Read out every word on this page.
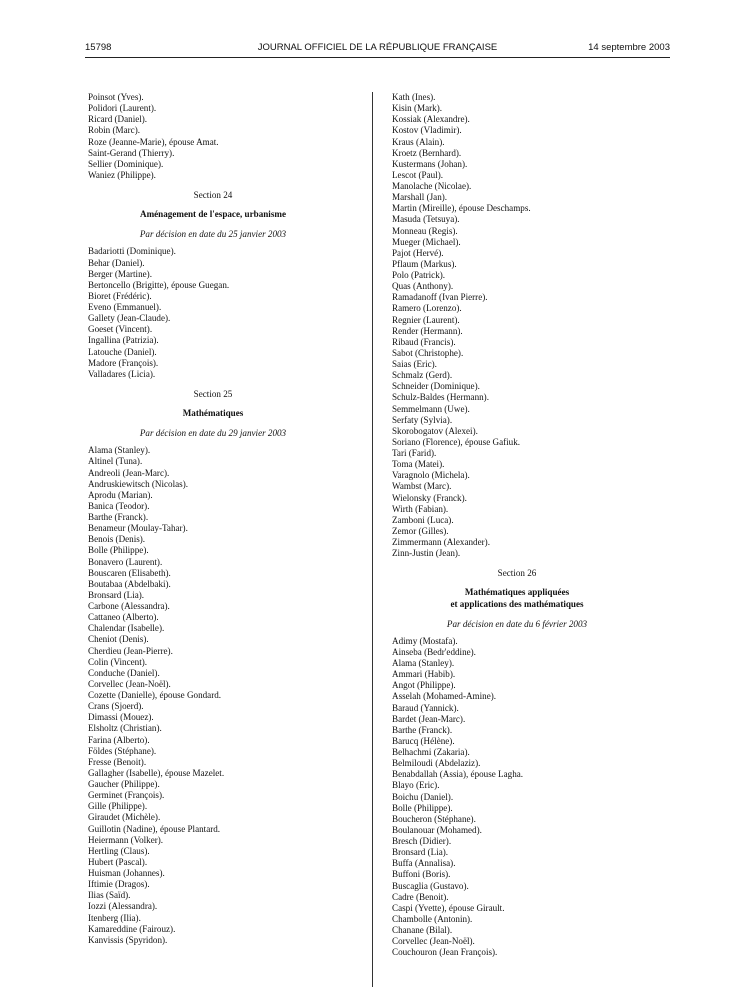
15798	JOURNAL OFFICIEL DE LA RÉPUBLIQUE FRANÇAISE	14 septembre 2003
Poinsot (Yves).
Polidori (Laurent).
Ricard (Daniel).
Robin (Marc).
Roze (Jeanne-Marie), épouse Amat.
Saint-Gerand (Thierry).
Sellier (Dominique).
Waniez (Philippe).
Section 24
Aménagement de l'espace, urbanisme
Par décision en date du 25 janvier 2003
Badariotti (Dominique).
Behar (Daniel).
Berger (Martine).
Bertoncello (Brigitte), épouse Guegan.
Bioret (Frédéric).
Eveno (Emmanuel).
Gallety (Jean-Claude).
Goeset (Vincent).
Ingallina (Patrizia).
Latouche (Daniel).
Madore (François).
Valladares (Licia).
Section 25
Mathématiques
Par décision en date du 29 janvier 2003
Alama (Stanley).
Altinel (Tuna).
Andreoli (Jean-Marc).
Andruskiewitsch (Nicolas).
Aprodu (Marian).
Banica (Teodor).
Barthe (Franck).
Benameur (Moulay-Tahar).
Benois (Denis).
Bolle (Philippe).
Bonavero (Laurent).
Bouscaren (Elisabeth).
Boutabaa (Abdelbaki).
Bronsard (Lia).
Carbone (Alessandra).
Cattaneo (Alberto).
Chalendar (Isabelle).
Cheniot (Denis).
Cherdieu (Jean-Pierre).
Colin (Vincent).
Conduche (Daniel).
Corvellec (Jean-Noël).
Cozette (Danielle), épouse Gondard.
Crans (Sjoerd).
Dimassi (Mouez).
Elsholtz (Christian).
Farina (Alberto).
Földes (Stéphane).
Fresse (Benoit).
Gallagher (Isabelle), épouse Mazelet.
Gaucher (Philippe).
Germinet (François).
Gille (Philippe).
Giraudet (Michèle).
Guillotin (Nadine), épouse Plantard.
Heiermann (Volker).
Hertling (Claus).
Hubert (Pascal).
Huisman (Johannes).
Iftimie (Dragos).
Ilias (Saïd).
Iozzi (Alessandra).
Itenberg (Ilia).
Kamareddine (Fairouz).
Kanvissis (Spyridon).
Kath (Ines).
Kisin (Mark).
Kossiak (Alexandre).
Kostov (Vladimir).
Kraus (Alain).
Kroetz (Bernhard).
Kustermans (Johan).
Lescot (Paul).
Manolache (Nicolae).
Marshall (Jan).
Martin (Mireille), épouse Deschamps.
Masuda (Tetsuya).
Monneau (Regis).
Mueger (Michael).
Pajot (Hervé).
Pflaum (Markus).
Polo (Patrick).
Quas (Anthony).
Ramadanoff (Ivan Pierre).
Ramero (Lorenzo).
Regnier (Laurent).
Render (Hermann).
Ribaud (Francis).
Sabot (Christophe).
Saias (Eric).
Schmalz (Gerd).
Schneider (Dominique).
Schulz-Baldes (Hermann).
Semmelmann (Uwe).
Serfaty (Sylvia).
Skorobogatov (Alexei).
Soriano (Florence), épouse Gafiuk.
Tari (Farid).
Toma (Matei).
Varagnolo (Michela).
Wambst (Marc).
Wielonsky (Franck).
Wirth (Fabian).
Zamboni (Luca).
Zemor (Gilles).
Zimmermann (Alexander).
Zinn-Justin (Jean).
Section 26
Mathématiques appliquées
et applications des mathématiques
Par décision en date du 6 février 2003
Adimy (Mostafa).
Ainseba (Bedr'eddine).
Alama (Stanley).
Ammari (Habib).
Angot (Philippe).
Asselah (Mohamed-Amine).
Baraud (Yannick).
Bardet (Jean-Marc).
Barthe (Franck).
Barucq (Hélène).
Belhachmi (Zakaria).
Belmiloudi (Abdelaziz).
Benabdallah (Assia), épouse Lagha.
Blayo (Eric).
Boichu (Daniel).
Bolle (Philippe).
Boucheron (Stéphane).
Boulanouar (Mohamed).
Bresch (Didier).
Bronsard (Lia).
Buffa (Annalisa).
Buffoni (Boris).
Buscaglia (Gustavo).
Cadre (Benoit).
Caspi (Yvette), épouse Girault.
Chambolle (Antonin).
Chanane (Bilal).
Corvellec (Jean-Noël).
Couchouron (Jean François).
